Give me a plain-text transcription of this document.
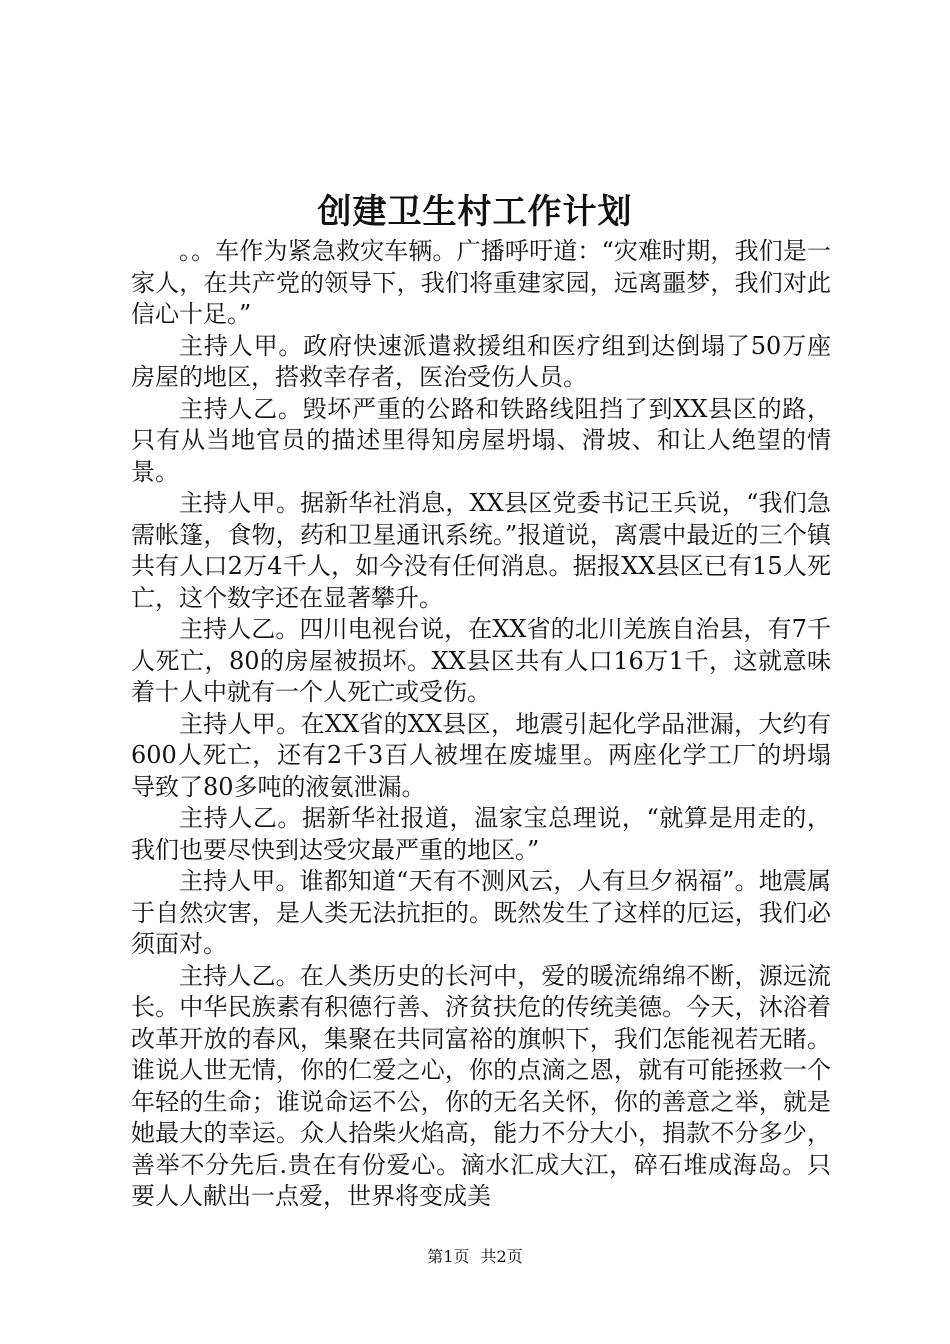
创建卫生村工作计划

。。车作为紧急救灾车辆。广播呼吁道：“灾难时期，我们是一家人，在共产党的领导下，我们将重建家园，远离噩梦，我们对此信心十足。”

主持人甲。政府快速派遣救援组和医疗组到达倒塌了50万座房屋的地区，搭救幸存者，医治受伤人员。

主持人乙。毁坏严重的公路和铁路线阻挡了到XX县区的路，只有从当地官员的描述里得知房屋坍塌、滑坡、和让人绝望的情景。

主持人甲。据新华社消息，XX县区党委书记王兵说，“我们急需帐篷，食物，药和卫星通讯系统。”报道说，离震中最近的三个镇共有人口2万4千人，如今没有任何消息。据报XX县区已有15人死亡，这个数字还在显著攀升。

主持人乙。四川电视台说，在XX省的北川羌族自治县，有7千人死亡，80的房屋被损坏。XX县区共有人口16万1千，这就意味着十人中就有一个人死亡或受伤。

主持人甲。在XX省的XX县区，地震引起化学品泄漏，大约有600人死亡，还有2千3百人被埋在废墟里。两座化学工厂的坍塌导致了80多吨的液氨泄漏。

主持人乙。据新华社报道，温家宝总理说，“就算是用走的，我们也要尽快到达受灾最严重的地区。”

主持人甲。谁都知道“天有不测风云，人有旦夕祸福”。地震属于自然灾害，是人类无法抗拒的。既然发生了这样的厄运，我们必须面对。

主持人乙。在人类历史的长河中，爱的暖流绵绵不断，源远流长。中华民族素有积德行善、济贫扶危的传统美德。今天，沐浴着改革开放的春风，集聚在共同富裕的旗帜下，我们怎能视若无睹。谁说人世无情，你的仁爱之心，你的点滴之恩，就有可能拯救一个年轻的生命；谁说命运不公，你的无名关怀，你的善意之举，就是她最大的幸运。众人拾柴火焰高，能力不分大小，捐款不分多少，善举不分先后.贵在有份爱心。滴水汇成大江，碎石堆成海岛。只要人人献出一点爱，世界将变成美

第1页 共2页
